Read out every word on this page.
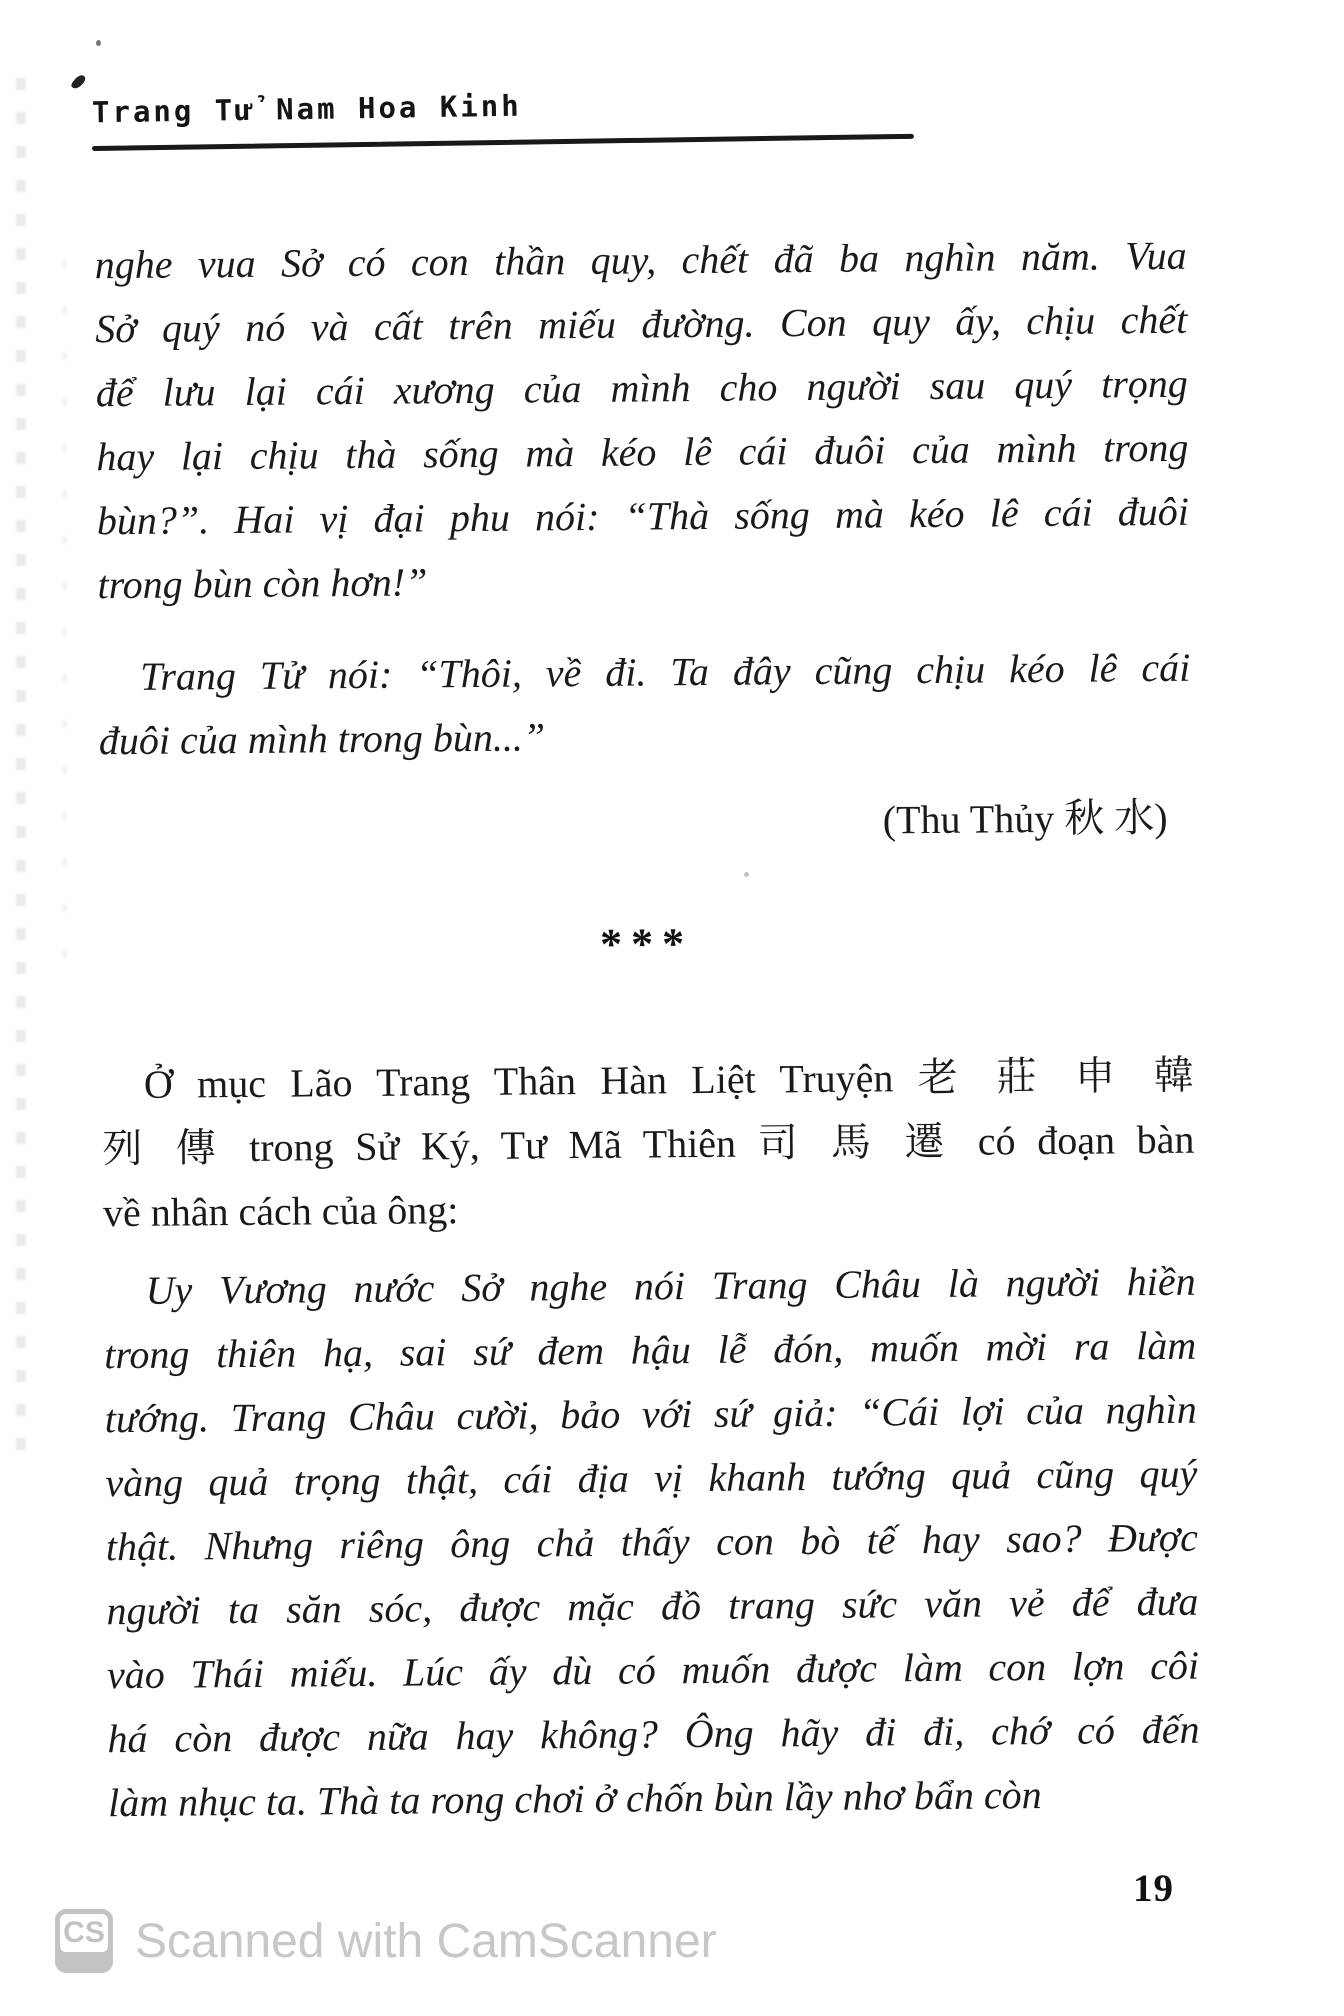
Trang Tử Nam Hoa Kinh
nghe vua Sở có con thần quy, chết đã ba nghìn năm. Vua
Sở quý nó và cất trên miếu đường. Con quy ấy, chịu chết
để lưu lại cái xương của mình cho người sau quý trọng
hay lại chịu thà sống mà kéo lê cái đuôi của mình trong
bùn?”. Hai vị đại phu nói: “Thà sống mà kéo lê cái đuôi
trong bùn còn hơn!”
Trang Tử nói: “Thôi, về đi. Ta đây cũng chịu kéo lê cái
đuôi của mình trong bùn...”
(Thu Thủy 秋 水)
***
Ở mục Lão Trang Thân Hàn Liệt Truyện 老 莊 申 韓
列 傳 trong Sử Ký, Tư Mã Thiên 司 馬 遷 có đoạn bàn
về nhân cách của ông:
Uy Vương nước Sở nghe nói Trang Châu là người hiền
trong thiên hạ, sai sứ đem hậu lễ đón, muốn mời ra làm
tướng. Trang Châu cười, bảo với sứ giả: “Cái lợi của nghìn
vàng quả trọng thật, cái địa vị khanh tướng quả cũng quý
thật. Nhưng riêng ông chả thấy con bò tế hay sao? Được
người ta săn sóc, được mặc đồ trang sức văn vẻ để đưa
vào Thái miếu. Lúc ấy dù có muốn được làm con lợn côi
há còn được nữa hay không? Ông hãy đi đi, chớ có đến
làm nhục ta. Thà ta rong chơi ở chốn bùn lầy nhơ bẩn còn
19
CS Scanned with CamScanner
